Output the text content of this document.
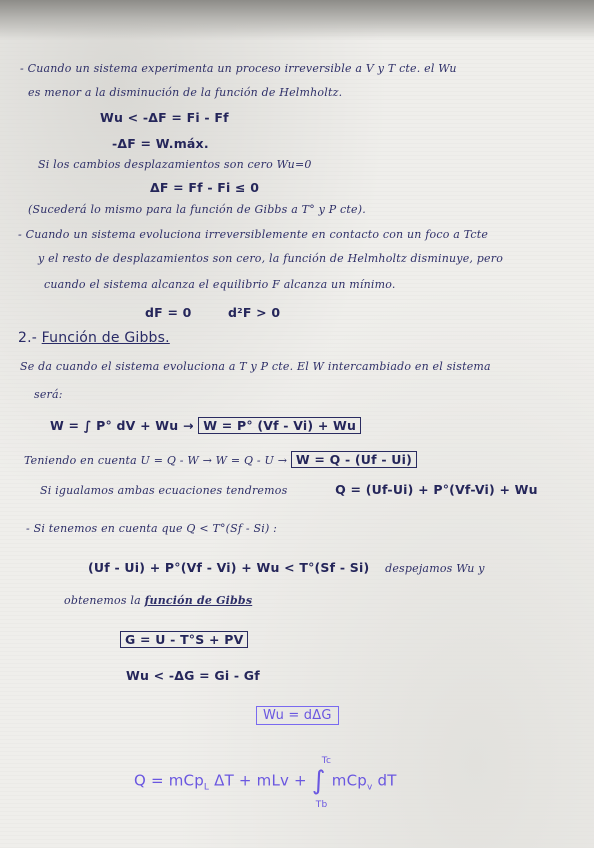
- Cuando un sistema experimenta un proceso irreversible a V y T cte. el Wu
es menor a la disminución de la función de Helmholtz.
Wu < -ΔF = Fi - Ff
-ΔF = W.máx.
Si los cambios desplazamientos son cero Wu=0
ΔF = Ff - Fi ≤ 0
(Sucederá lo mismo para la función de Gibbs a T° y P cte).
- Cuando un sistema evoluciona irreversiblemente en contacto con un foco a Tcte
y el resto de desplazamientos son cero, la función de Helmholtz disminuye, pero
cuando el sistema alcanza el equilibrio F alcanza un mínimo.
dF = 0	d²F > 0
2.- Función de Gibbs.
Se da cuando el sistema evoluciona a T y P cte. El W intercambiado en el sistema
será:
W = ∫ P° dV + Wu → W = P° (Vf - Vi) + Wu
Teniendo en cuenta U = Q - W → W = Q - U → W = Q - (Uf - Ui)
Si igualamos ambas ecuaciones tendremos	Q = (Uf-Ui) + P°(Vf-Vi) + Wu
- Si tenemos en cuenta que Q < T°(Sf - Si) :
(Uf - Ui) + P°(Vf - Vi) + Wu < T°(Sf - Si) despejamos Wu y
obtenemos la función de Gibbs
G = U - T°S + PV
Wu < -ΔG = Gi - Gf
Wu = dΔG
Q = mCp$_L$ ΔT + mLv + ∫
Tc
Tb
mCp$_v$ dT
